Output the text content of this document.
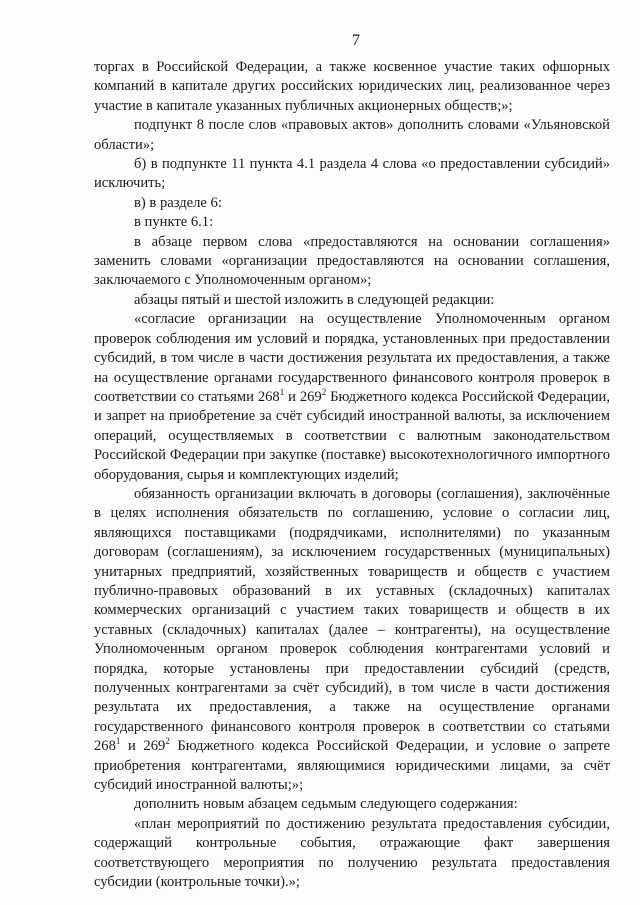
7

торгах в Российской Федерации, а также косвенное участие таких офшорных компаний в капитале других российских юридических лиц, реализованное через участие в капитале указанных публичных акционерных обществ;»;

подпункт 8 после слов «правовых актов» дополнить словами «Ульяновской области»;

б) в подпункте 11 пункта 4.1 раздела 4 слова «о предоставлении субсидий» исключить;

в) в разделе 6:

в пункте 6.1:

в абзаце первом слова «предоставляются на основании соглашения» заменить словами «организации предоставляются на основании соглашения, заключаемого с Уполномоченным органом»;

абзацы пятый и шестой изложить в следующей редакции:

«согласие организации на осуществление Уполномоченным органом проверок соблюдения им условий и порядка, установленных при предоставлении субсидий, в том числе в части достижения результата их предоставления, а также на осуществление органами государственного финансового контроля проверок в соответствии со статьями $268^1$ и $269^2$ Бюджетного кодекса Российской Федерации, и запрет на приобретение за счёт субсидий иностранной валюты, за исключением операций, осуществляемых в соответствии с валютным законодательством Российской Федерации при закупке (поставке) высокотехнологичного импортного оборудования, сырья и комплектующих изделий;

обязанность организации включать в договоры (соглашения), заключённые в целях исполнения обязательств по соглашению, условие о согласии лиц, являющихся поставщиками (подрядчиками, исполнителями) по указанным договорам (соглашениям), за исключением государственных (муниципальных) унитарных предприятий, хозяйственных товариществ и обществ с участием публично-правовых образований в их уставных (складочных) капиталах коммерческих организаций с участием таких товариществ и обществ в их уставных (складочных) капиталах (далее – контрагенты), на осуществление Уполномоченным органом проверок соблюдения контрагентами условий и порядка, которые установлены при предоставлении субсидий (средств, полученных контрагентами за счёт субсидий), в том числе в части достижения результата их предоставления, а также на осуществление органами государственного финансового контроля проверок в соответствии со статьями $268^1$ и $269^2$ Бюджетного кодекса Российской Федерации, и условие о запрете приобретения контрагентами, являющимися юридическими лицами, за счёт субсидий иностранной валюты;»;

дополнить новым абзацем седьмым следующего содержания:

«план мероприятий по достижению результата предоставления субсидии, содержащий контрольные события, отражающие факт завершения соответствующего мероприятия по получению результата предоставления субсидии (контрольные точки).»;
